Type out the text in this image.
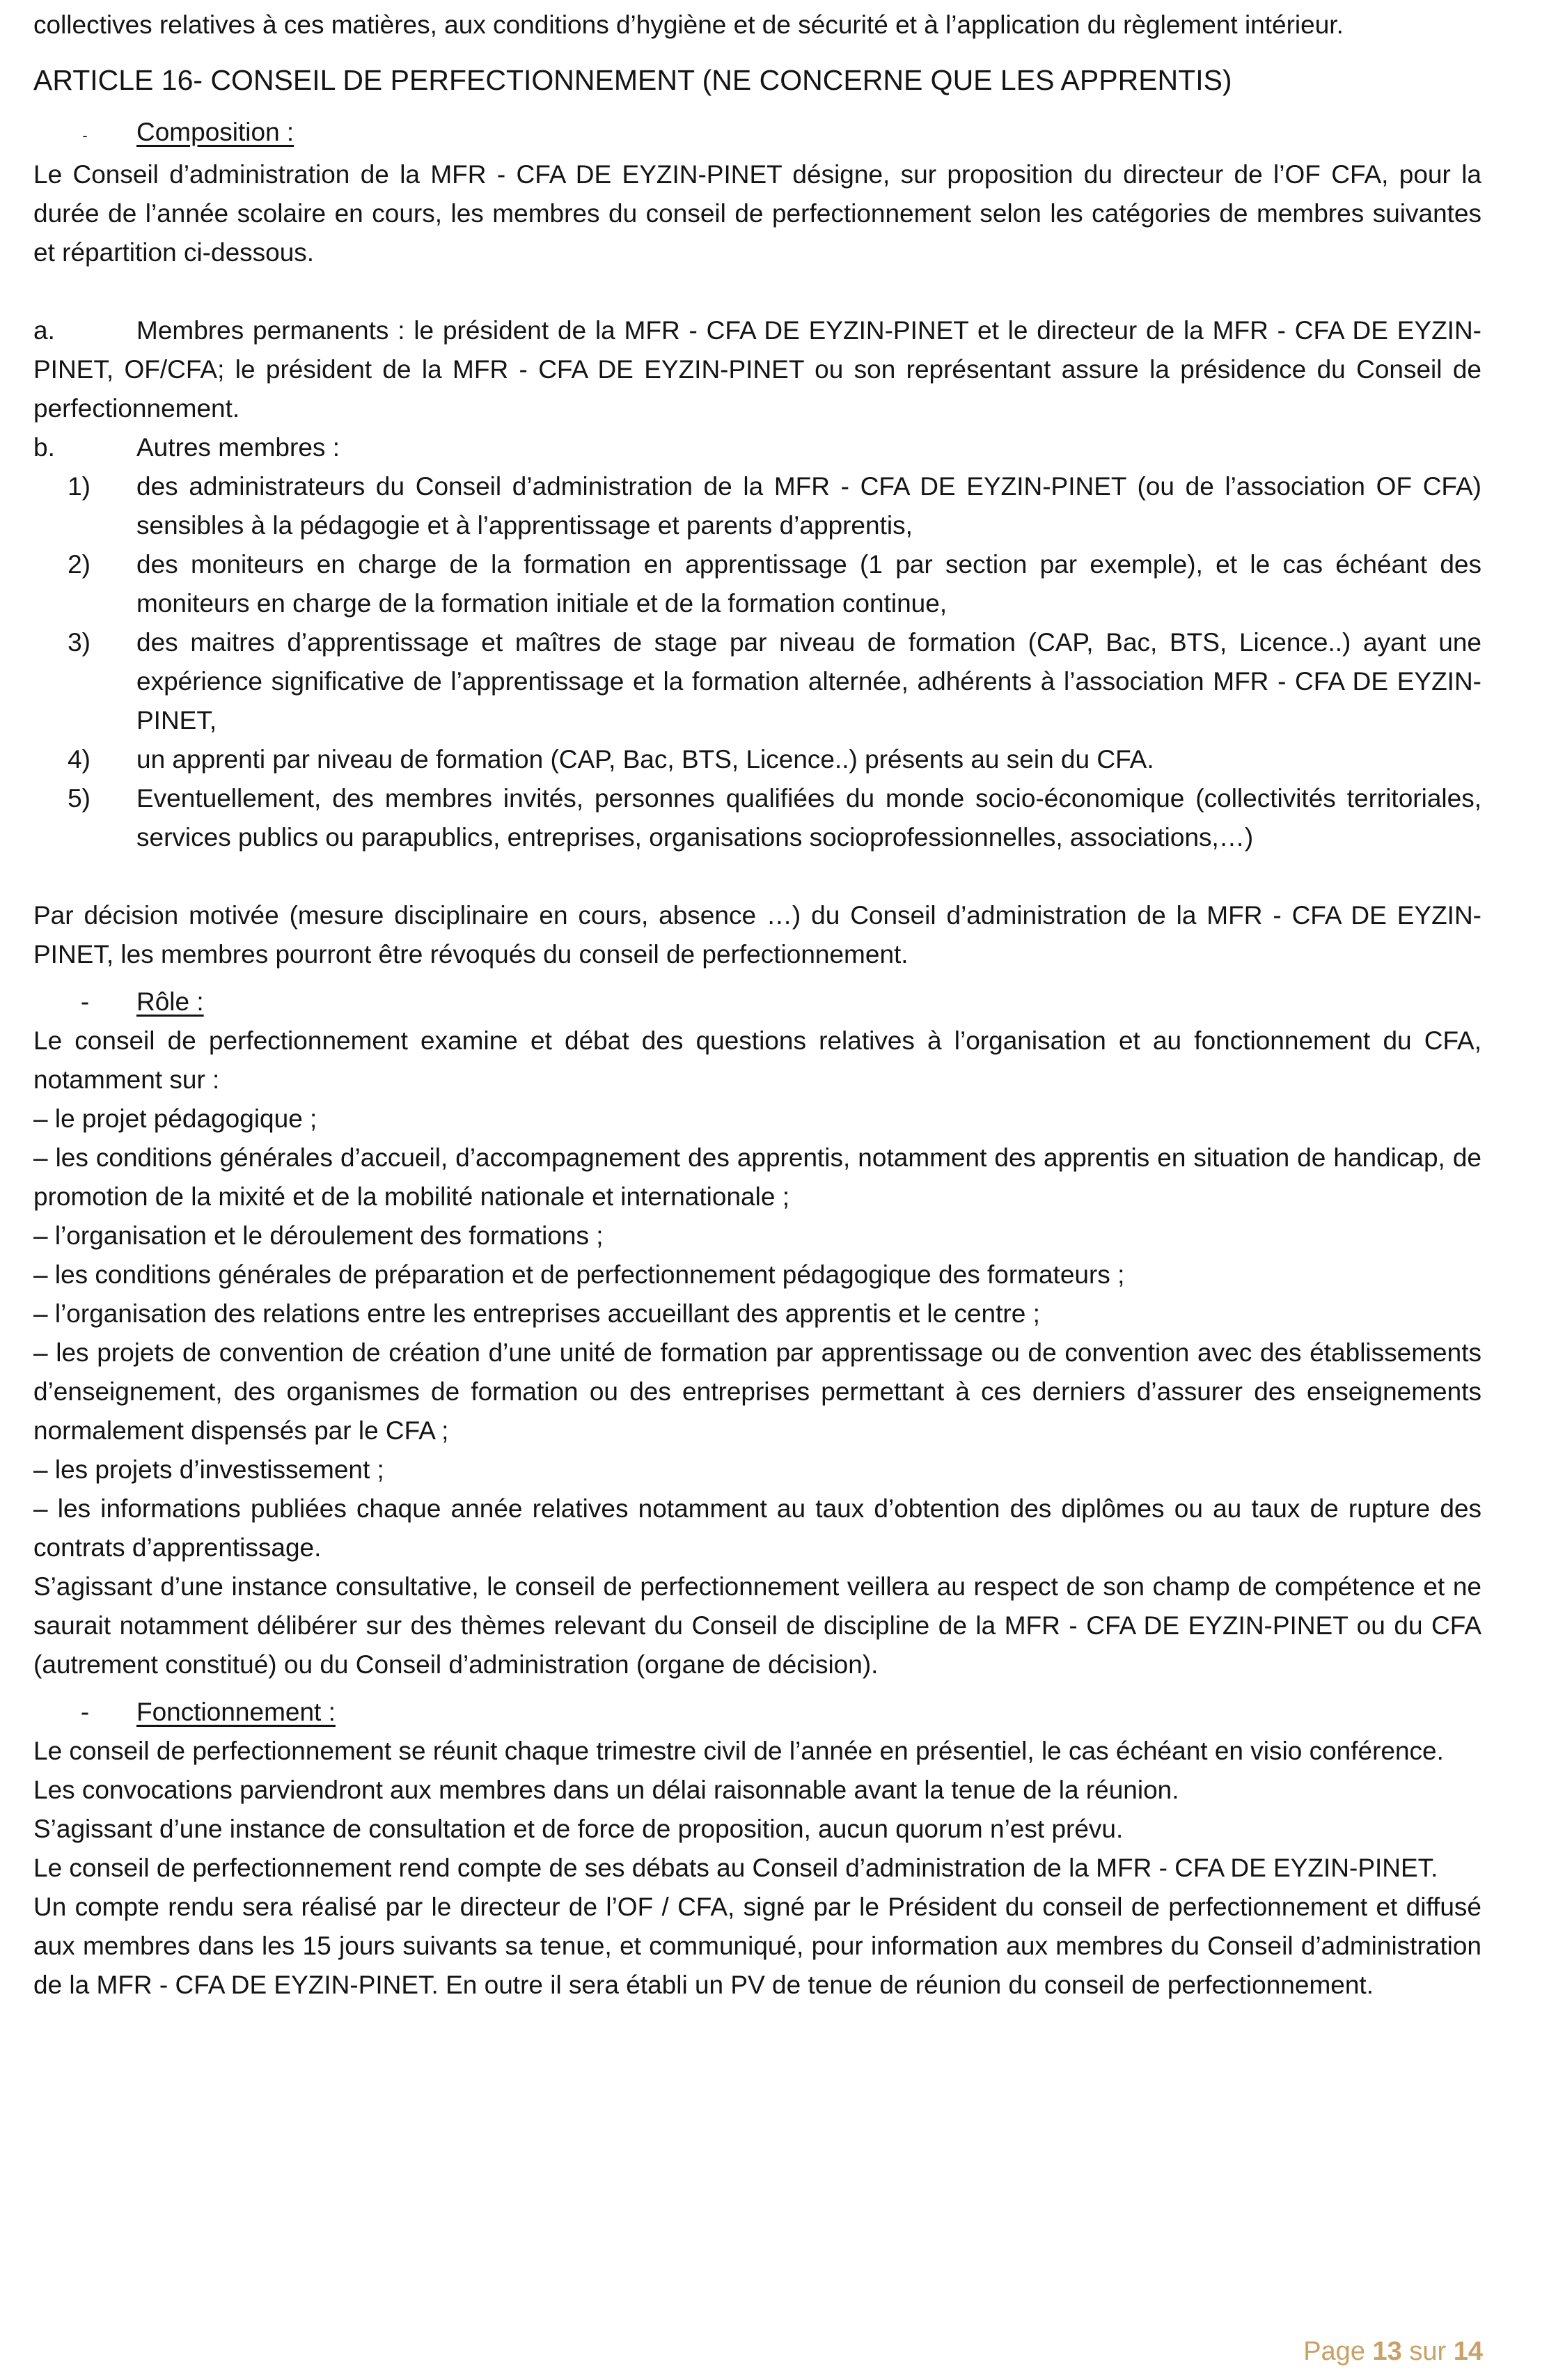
collectives relatives à ces matières, aux conditions d’hygiène et de sécurité et à l’application du règlement intérieur.

ARTICLE 16- CONSEIL DE PERFECTIONNEMENT (NE CONCERNE QUE LES APPRENTIS)

-	Composition :

Le Conseil d’administration de la MFR - CFA DE EYZIN-PINET désigne, sur proposition du directeur de l’OF CFA, pour la durée de l’année scolaire en cours, les membres du conseil de perfectionnement selon les catégories de membres suivantes et répartition ci-dessous.

a.	Membres permanents : le président de la MFR - CFA DE EYZIN-PINET et le directeur de la MFR - CFA DE EYZIN-PINET, OF/CFA; le président de la MFR - CFA DE EYZIN-PINET ou son représentant assure la présidence du Conseil de perfectionnement.

b.	Autres membres :
1)	des administrateurs du Conseil d’administration de la MFR - CFA DE EYZIN-PINET (ou de l’association OF CFA) sensibles à la pédagogie et à l’apprentissage et parents d’apprentis,
2)	des moniteurs en charge de la formation en apprentissage (1 par section par exemple), et le cas échéant des moniteurs en charge de la formation initiale et de la formation continue,
3)	des maitres d’apprentissage et maîtres de stage par niveau de formation (CAP, Bac, BTS, Licence..) ayant une expérience significative de l’apprentissage et la formation alternée, adhérents à l’association MFR - CFA DE EYZIN-PINET,
4)	un apprenti par niveau de formation (CAP, Bac, BTS, Licence..) présents au sein du CFA.
5)	Eventuellement, des membres invités, personnes qualifiées du monde socio-économique (collectivités territoriales, services publics ou parapublics, entreprises, organisations socioprofessionnelles, associations,…)

Par décision motivée (mesure disciplinaire en cours, absence …) du Conseil d’administration de la MFR - CFA DE EYZIN-PINET, les membres pourront être révoqués du conseil de perfectionnement.

-	Rôle :

Le conseil de perfectionnement examine et débat des questions relatives à l’organisation et au fonctionnement du CFA, notamment sur :

– le projet pédagogique ;

– les conditions générales d’accueil, d’accompagnement des apprentis, notamment des apprentis en situation de handicap, de promotion de la mixité et de la mobilité nationale et internationale ;

– l’organisation et le déroulement des formations ;

– les conditions générales de préparation et de perfectionnement pédagogique des formateurs ;

– l’organisation des relations entre les entreprises accueillant des apprentis et le centre ;

– les projets de convention de création d’une unité de formation par apprentissage ou de convention avec des établissements d’enseignement, des organismes de formation ou des entreprises permettant à ces derniers d’assurer des enseignements normalement dispensés par le CFA ;

– les projets d’investissement ;

– les informations publiées chaque année relatives notamment au taux d’obtention des diplômes ou au taux de rupture des contrats d’apprentissage.

S’agissant d’une instance consultative, le conseil de perfectionnement veillera au respect de son champ de compétence et ne saurait notamment délibérer sur des thèmes relevant du Conseil de discipline de la MFR - CFA DE EYZIN-PINET ou du CFA (autrement constitué) ou du Conseil d’administration (organe de décision).

-	Fonctionnement :

Le conseil de perfectionnement se réunit chaque trimestre civil de l’année en présentiel, le cas échéant en visio conférence.

Les convocations parviendront aux membres dans un délai raisonnable avant la tenue de la réunion.

S’agissant d’une instance de consultation et de force de proposition, aucun quorum n’est prévu.

Le conseil de perfectionnement rend compte de ses débats au Conseil d’administration de la MFR - CFA DE EYZIN-PINET.

Un compte rendu sera réalisé par le directeur de l’OF / CFA, signé par le Président du conseil de perfectionnement et diffusé aux membres dans les 15 jours suivants sa tenue, et communiqué, pour information aux membres du Conseil d’administration de la MFR - CFA DE EYZIN-PINET. En outre il sera établi un PV de tenue de réunion du conseil de perfectionnement.

Page 13 sur 14
